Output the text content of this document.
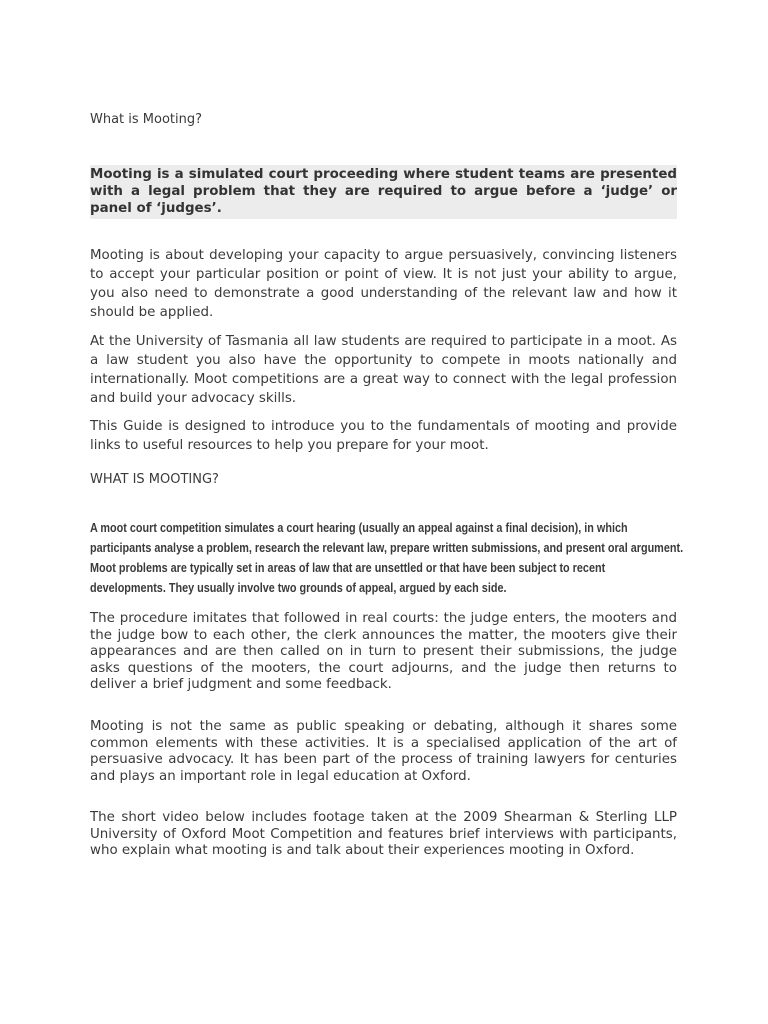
What is Mooting?

Mooting is a simulated court proceeding where student teams are presented with a legal problem that they are required to argue before a ‘judge’ or panel of ‘judges’.

Mooting is about developing your capacity to argue persuasively, convincing listeners to accept your particular position or point of view. It is not just your ability to argue, you also need to demonstrate a good understanding of the relevant law and how it should be applied.

At the University of Tasmania all law students are required to participate in a moot. As a law student you also have the opportunity to compete in moots nationally and internationally. Moot competitions are a great way to connect with the legal profession and build your advocacy skills.

This Guide is designed to introduce you to the fundamentals of mooting and provide links to useful resources to help you prepare for your moot.

WHAT IS MOOTING?

A moot court competition simulates a court hearing (usually an appeal against a final decision), in which participants analyse a problem, research the relevant law, prepare written submissions, and present oral argument. Moot problems are typically set in areas of law that are unsettled or that have been subject to recent developments. They usually involve two grounds of appeal, argued by each side.

The procedure imitates that followed in real courts: the judge enters, the mooters and the judge bow to each other, the clerk announces the matter, the mooters give their appearances and are then called on in turn to present their submissions, the judge asks questions of the mooters, the court adjourns, and the judge then returns to deliver a brief judgment and some feedback.

Mooting is not the same as public speaking or debating, although it shares some common elements with these activities. It is a specialised application of the art of persuasive advocacy. It has been part of the process of training lawyers for centuries and plays an important role in legal education at Oxford.

The short video below includes footage taken at the 2009 Shearman & Sterling LLP University of Oxford Moot Competition and features brief interviews with participants, who explain what mooting is and talk about their experiences mooting in Oxford.
